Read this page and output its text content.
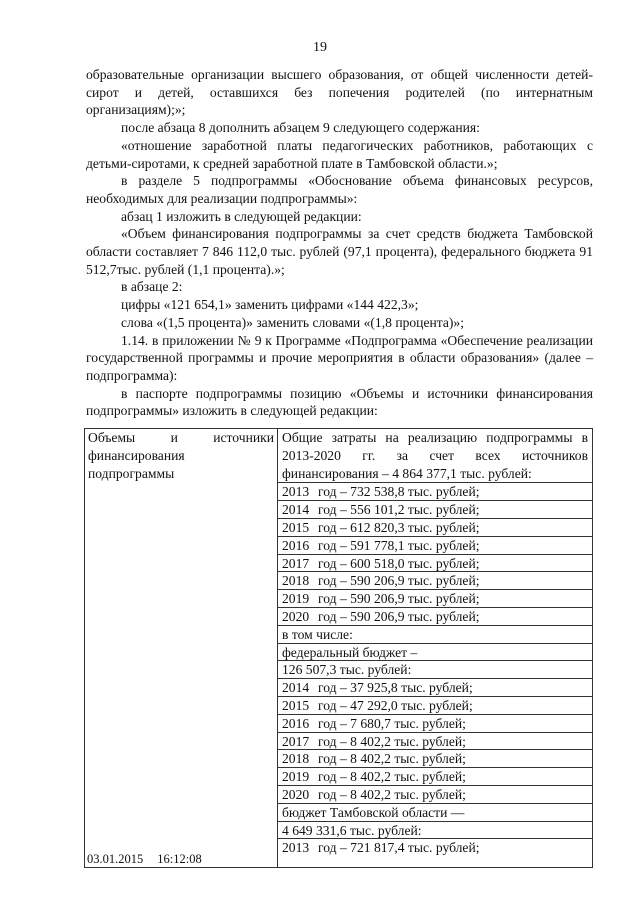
19

образовательные организации высшего образования, от общей численности детей-сирот и детей, оставшихся без попечения родителей (по интернатным организациям);»;

после абзаца 8 дополнить абзацем 9 следующего содержания:

«отношение заработной платы педагогических работников, работающих с детьми-сиротами, к средней заработной плате в Тамбовской области.»;

в разделе 5 подпрограммы «Обоснование объема финансовых ресурсов, необходимых для реализации подпрограммы»:

абзац 1 изложить в следующей редакции:

«Объем финансирования подпрограммы за счет средств бюджета Тамбовской области составляет 7 846 112,0 тыс. рублей (97,1 процента), федерального бюджета 91 512,7тыс. рублей (1,1 процента).»;

в абзаце 2:

цифры «121 654,1» заменить цифрами «144 422,3»;

слова «(1,5 процента)» заменить словами «(1,8 процента)»;

1.14. в приложении № 9 к Программе «Подпрограмма «Обеспечение реализации государственной программы и прочие мероприятия в области образования» (далее – подпрограмма):

в паспорте подпрограммы позицию «Объемы и источники финансирования подпрограммы» изложить в следующей редакции:

Объемы и источники финансирования подпрограммы

Общие затраты на реализацию подпрограммы в 2013-2020 гг. за счет всех источников финансирования – 4 864 377,1 тыс. рублей:
2013 год – 732 538,8 тыс. рублей;
2014 год – 556 101,2 тыс. рублей;
2015 год – 612 820,3 тыс. рублей;
2016 год – 591 778,1 тыс. рублей;
2017 год – 600 518,0 тыс. рублей;
2018 год – 590 206,9 тыс. рублей;
2019 год – 590 206,9 тыс. рублей;
2020 год – 590 206,9 тыс. рублей;
в том числе:
федеральный бюджет –
126 507,3 тыс. рублей:
2014 год – 37 925,8 тыс. рублей;
2015 год – 47 292,0 тыс. рублей;
2016 год – 7 680,7 тыс. рублей;
2017 год – 8 402,2 тыс. рублей;
2018 год – 8 402,2 тыс. рублей;
2019 год – 8 402,2 тыс. рублей;
2020 год – 8 402,2 тыс. рублей;
бюджет Тамбовской области —
4 649 331,6 тыс. рублей:
2013 год – 721 817,4 тыс. рублей;
03.01.2015 16:12:08
